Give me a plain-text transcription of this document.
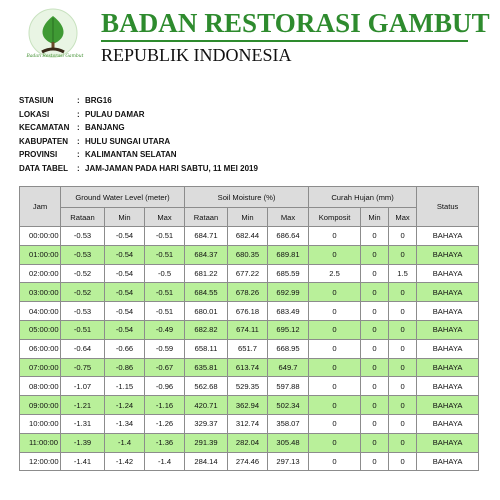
Badan Restorasi Gambut
BADAN RESTORASI GAMBUT
REPUBLIK INDONESIA
STASIUN	: BRG16
LOKASI	: PULAU DAMAR
KECAMATAN : BANJANG
KABUPATEN : HULU SUNGAI UTARA
PROVINSI : KALIMANTAN SELATAN
DATA TABEL : JAM-JAMAN PADA HARI SABTU, 11 MEI 2019
Jam	Ground Water Level (meter)			Soil Moisture (%)			Curah Hujan (mm)			Status
	Rataan	Min	Max	Rataan	Min	Max	Komposit	Min	Max	
00:00:00	-0.53	-0.54	-0.51	684.71	682.44	686.64	0	0	0	BAHAYA
01:00:00	-0.53	-0.54	-0.51	684.37	680.35	689.81	0	0	0	BAHAYA
02:00:00	-0.52	-0.54	-0.5	681.22	677.22	685.59	2.5	0	1.5	BAHAYA
03:00:00	-0.52	-0.54	-0.51	684.55	678.26	692.99	0	0	0	BAHAYA
04:00:00	-0.53	-0.54	-0.51	680.01	676.18	683.49	0	0	0	BAHAYA
05:00:00	-0.51	-0.54	-0.49	682.82	674.11	695.12	0	0	0	BAHAYA
06:00:00	-0.64	-0.66	-0.59	658.11	651.7	668.95	0	0	0	BAHAYA
07:00:00	-0.75	-0.86	-0.67	635.81	613.74	649.7	0	0	0	BAHAYA
08:00:00	-1.07	-1.15	-0.96	562.68	529.35	597.88	0	0	0	BAHAYA
09:00:00	-1.21	-1.24	-1.16	420.71	362.94	502.34	0	0	0	BAHAYA
10:00:00	-1.31	-1.34	-1.26	329.37	312.74	358.07	0	0	0	BAHAYA
11:00:00	-1.39	-1.4	-1.36	291.39	282.04	305.48	0	0	0	BAHAYA
12:00:00	-1.41	-1.42	-1.4	284.14	274.46	297.13	0	0	0	BAHAYA
